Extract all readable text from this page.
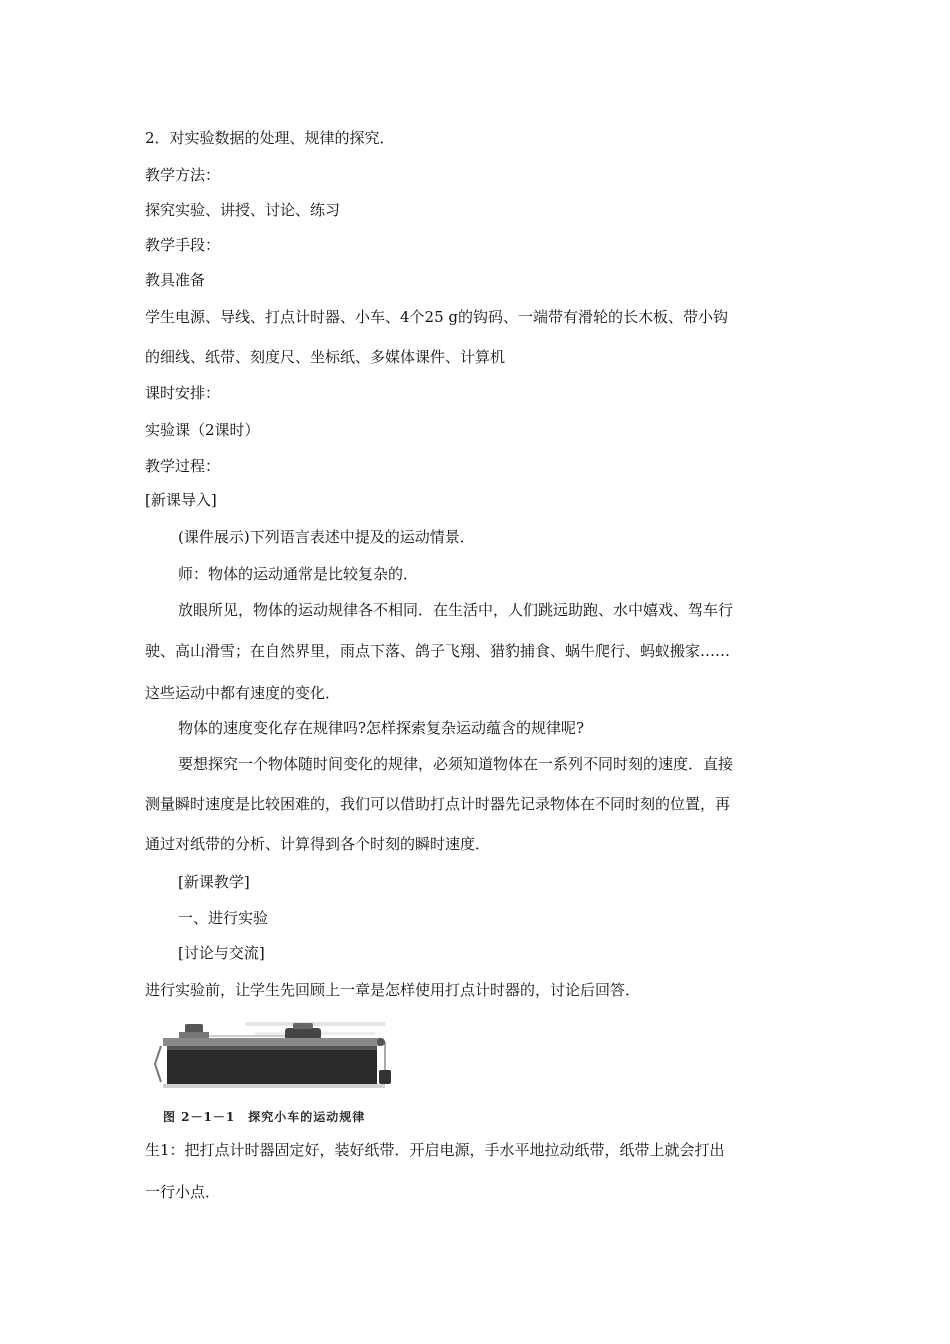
2．对实验数据的处理、规律的探究．
教学方法：
探究实验、讲授、讨论、练习
教学手段：
教具准备
学生电源、导线、打点计时器、小车、4个25 g的钩码、一端带有滑轮的长木板、带小钩
的细线、纸带、刻度尺、坐标纸、多媒体课件、计算机
课时安排：
实验课（2课时）
教学过程：
[新课导入]
(课件展示)下列语言表述中提及的运动情景．
师：物体的运动通常是比较复杂的．
放眼所见，物体的运动规律各不相同．在生活中，人们跳远助跑、水中嬉戏、驾车行
驶、高山滑雪；在自然界里，雨点下落、鸽子飞翔、猎豹捕食、蜗牛爬行、蚂蚁搬家……
这些运动中都有速度的变化．
物体的速度变化存在规律吗?怎样探索复杂运动蕴含的规律呢?
要想探究一个物体随时间变化的规律，必须知道物体在一系列不同时刻的速度．直接
测量瞬时速度是比较困难的，我们可以借助打点计时器先记录物体在不同时刻的位置，再
通过对纸带的分析、计算得到各个时刻的瞬时速度．
[新课教学]
一、进行实验
[讨论与交流]
进行实验前，让学生先回顾上一章是怎样使用打点计时器的，讨论后回答．
图 2－1－1　探究小车的运动规律
生1：把打点计时器固定好，装好纸带．开启电源，手水平地拉动纸带，纸带上就会打出
一行小点．
